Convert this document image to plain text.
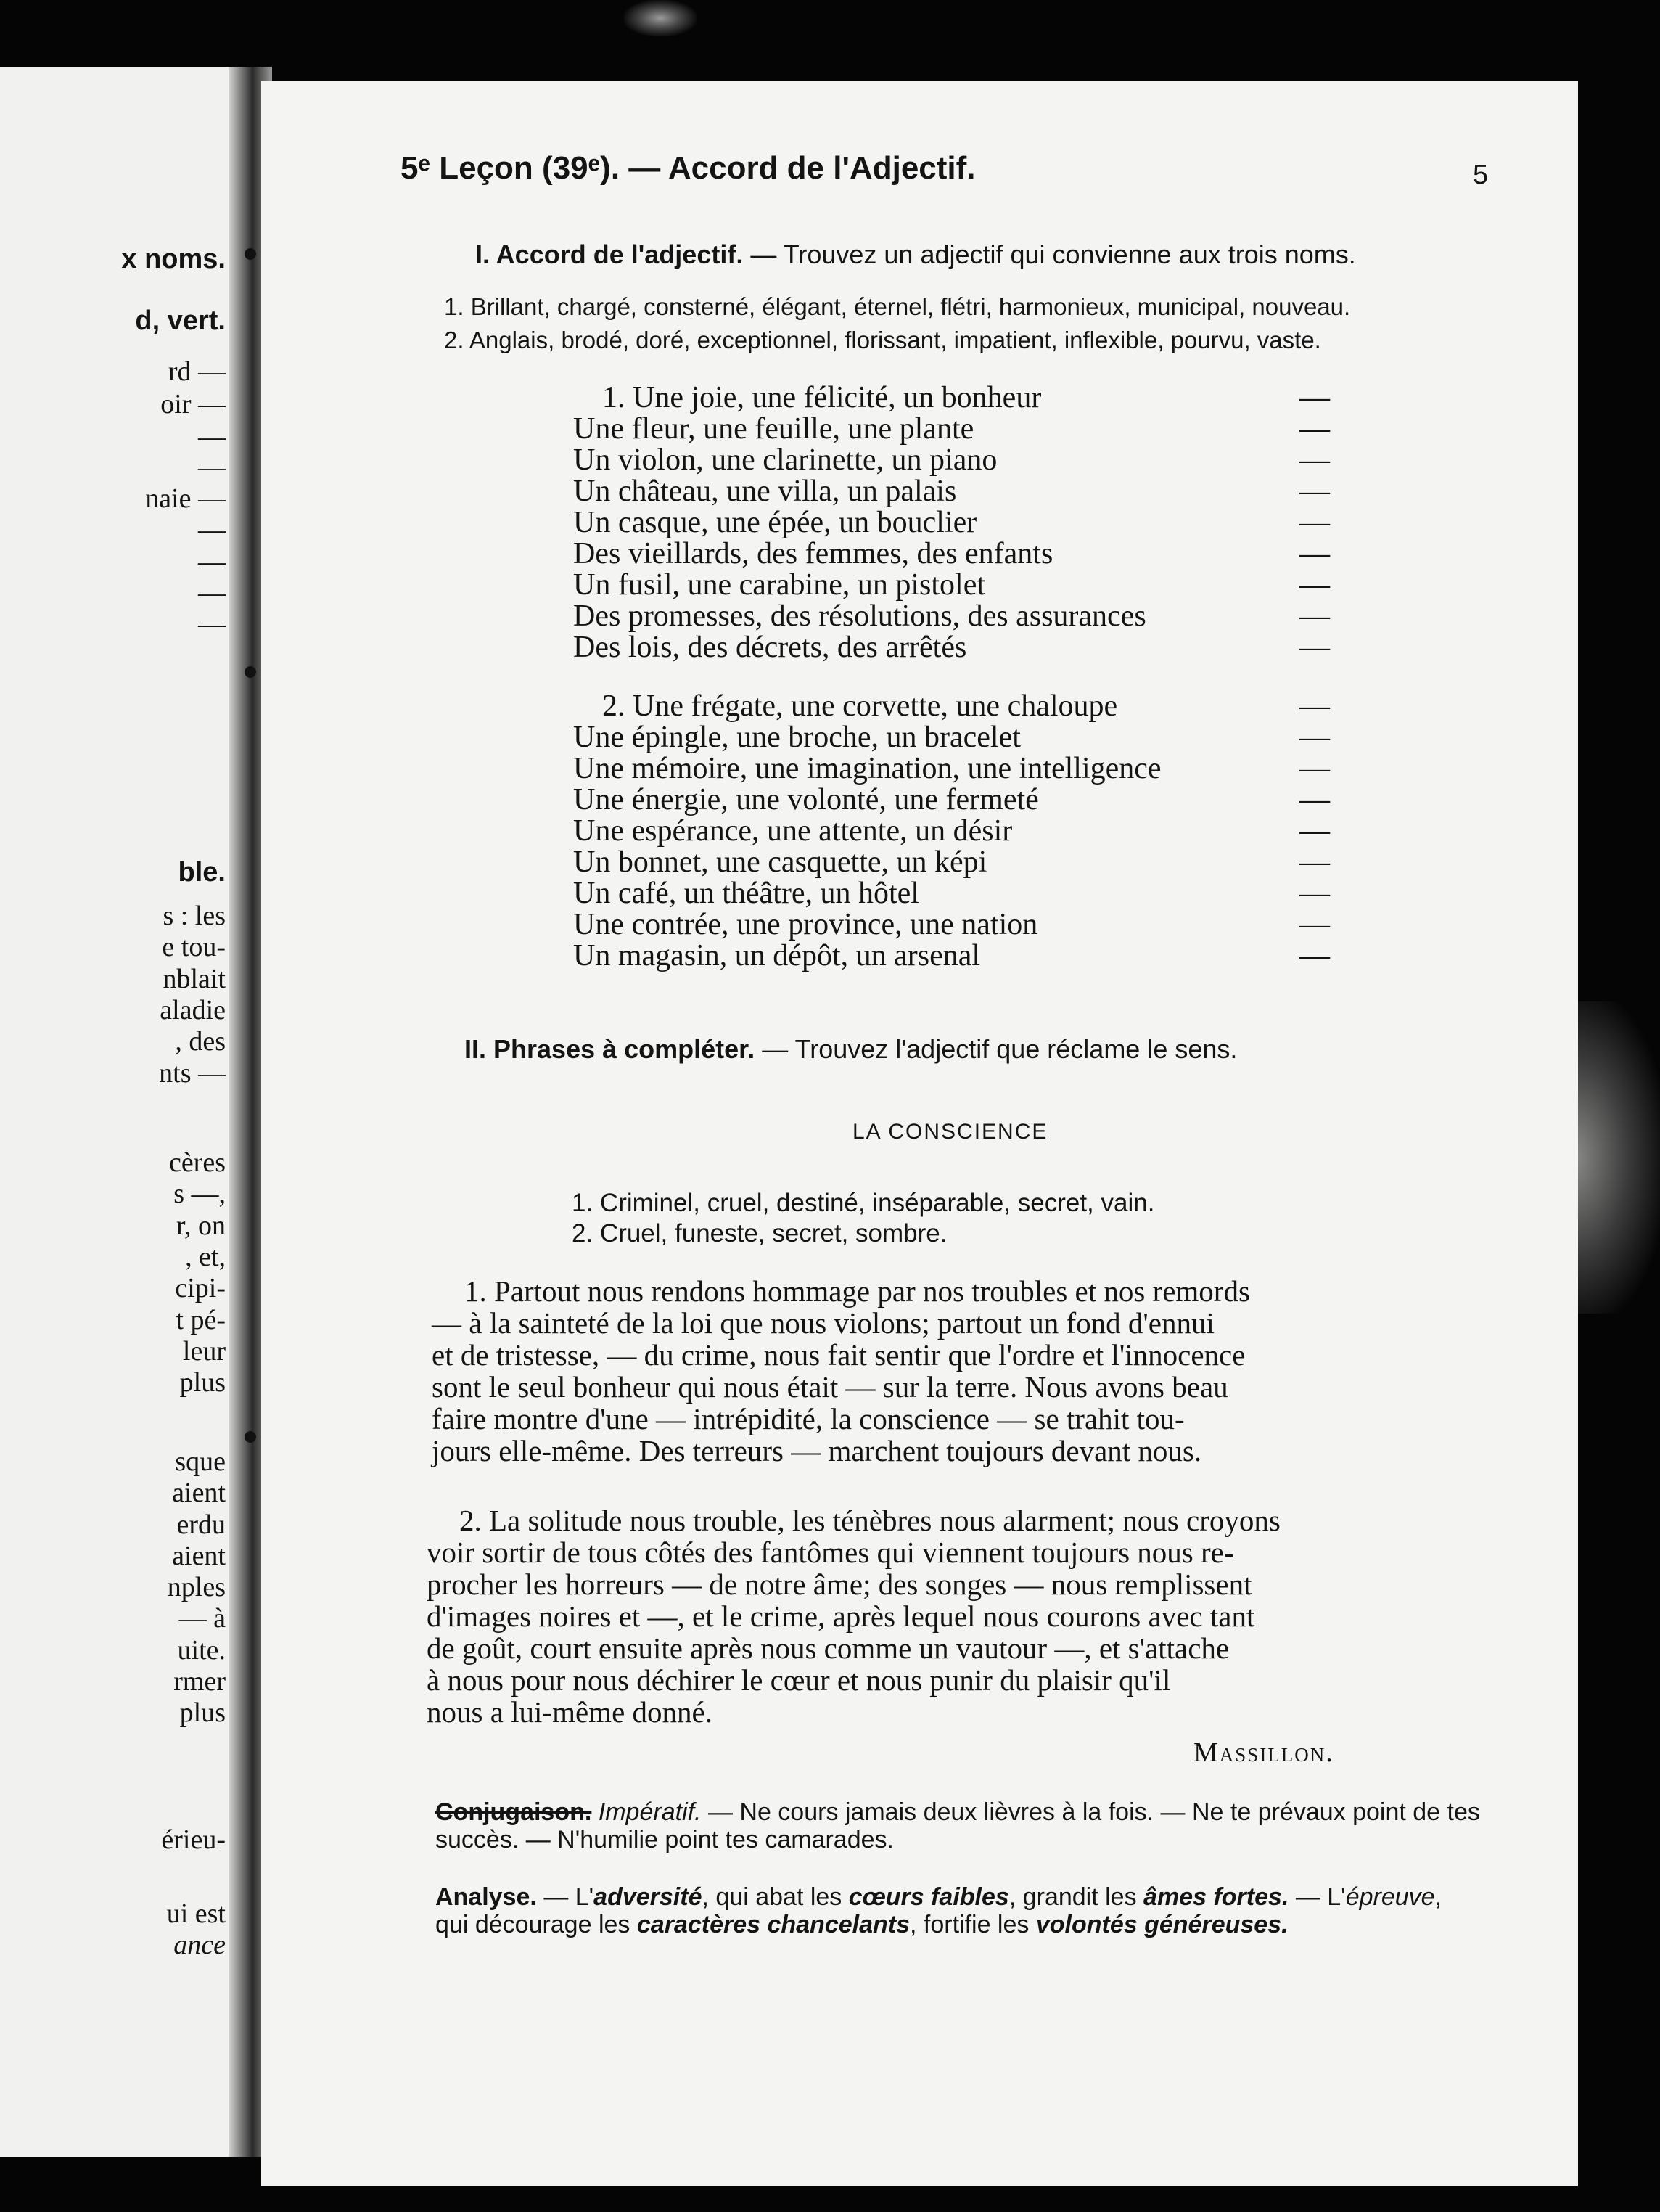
x noms.
d, vert.
rd —
oir —
—
—
naie —
—
—
—
—
ble.
s : les
e tou-
nblait
aladie
, des
nts —
cères
s —,
r, on
, et,
cipi-
t pé-
leur
plus
sque
aient
erdu
aient
nples
— à
uite.
rmer
plus
érieu-
ui est
ance
5ᵉ Leçon (39ᵉ). — Accord de l'Adjectif.	5
I. Accord de l'adjectif. — Trouvez un adjectif qui convienne aux trois noms.
1. Brillant, chargé, consterné, élégant, éternel, flétri, harmonieux, municipal, nouveau.
2. Anglais, brodé, doré, exceptionnel, florissant, impatient, inflexible, pourvu, vaste.
1. Une joie, une félicité, un bonheur	—
Une fleur, une feuille, une plante	—
Un violon, une clarinette, un piano	—
Un château, une villa, un palais	—
Un casque, une épée, un bouclier	—
Des vieillards, des femmes, des enfants	—
Un fusil, une carabine, un pistolet	—
Des promesses, des résolutions, des assurances	—
Des lois, des décrets, des arrêtés	—
2. Une frégate, une corvette, une chaloupe	—
Une épingle, une broche, un bracelet	—
Une mémoire, une imagination, une intelligence	—
Une énergie, une volonté, une fermeté	—
Une espérance, une attente, un désir	—
Un bonnet, une casquette, un képi	—
Un café, un théâtre, un hôtel	—
Une contrée, une province, une nation	—
Un magasin, un dépôt, un arsenal	—
II. Phrases à compléter. — Trouvez l'adjectif que réclame le sens.
LA CONSCIENCE
1. Criminel, cruel, destiné, inséparable, secret, vain.
2. Cruel, funeste, secret, sombre.
1. Partout nous rendons hommage par nos troubles et nos remords
— à la sainteté de la loi que nous violons; partout un fond d'ennui
et de tristesse, — du crime, nous fait sentir que l'ordre et l'innocence
sont le seul bonheur qui nous était — sur la terre. Nous avons beau
faire montre d'une — intrépidité, la conscience — se trahit tou-
jours elle-même. Des terreurs — marchent toujours devant nous.
2. La solitude nous trouble, les ténèbres nous alarment; nous croyons
voir sortir de tous côtés des fantômes qui viennent toujours nous re-
procher les horreurs — de notre âme; des songes — nous remplissent
d'images noires et —, et le crime, après lequel nous courons avec tant
de goût, court ensuite après nous comme un vautour —, et s'attache
à nous pour nous déchirer le cœur et nous punir du plaisir qu'il
nous a lui-même donné.
Massillon.
Conjugaison. Impératif. — Ne cours jamais deux lièvres à la fois. — Ne te prévaux point de tes succès. — N'humilie point tes camarades.
Analyse. — L'adversité, qui abat les cœurs faibles, grandit les âmes fortes. — L'épreuve, qui décourage les caractères chancelants, fortifie les volontés généreuses.
